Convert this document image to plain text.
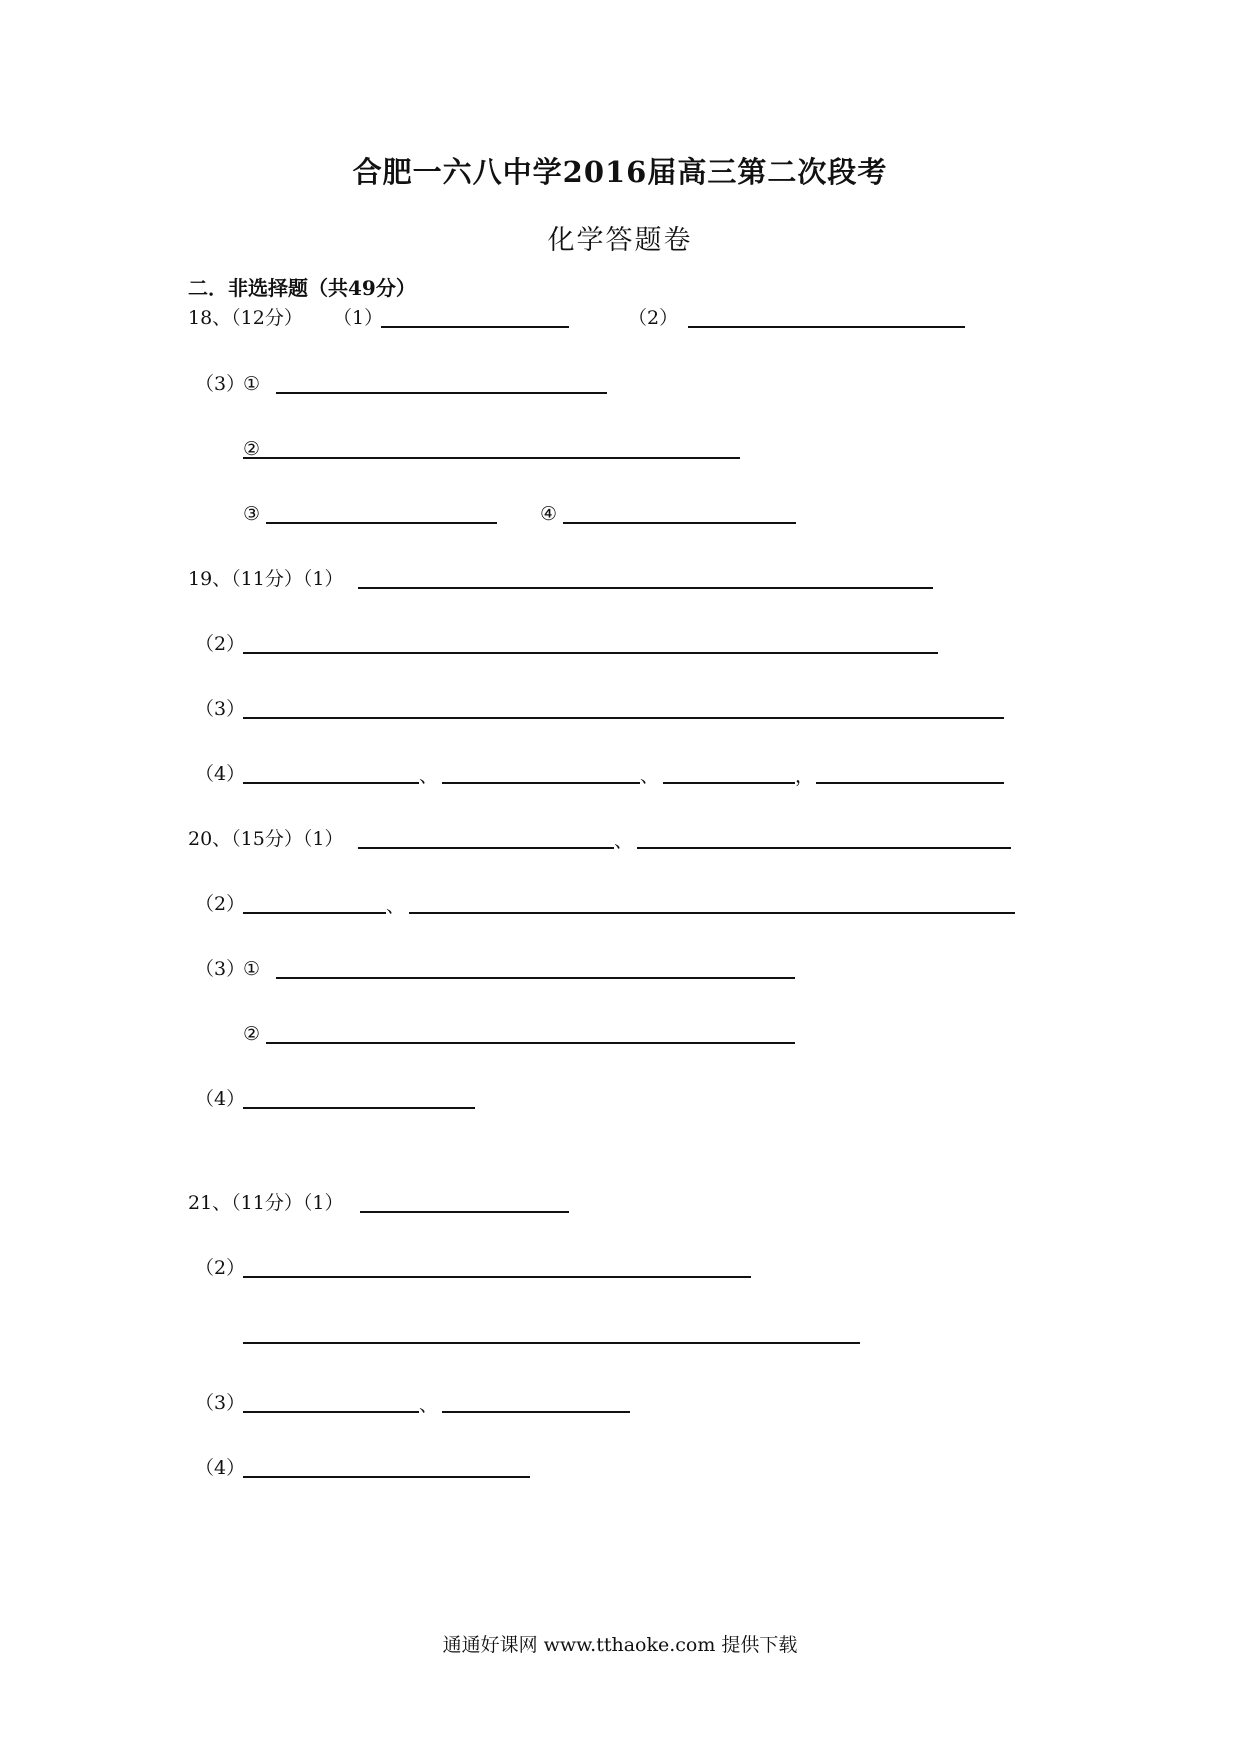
合肥一六八中学2016届高三第二次段考
化学答题卷
二．非选择题（共49分）
18、（12分） （1）	（2）
（3）
①
②
③	④
19、（11分）（1）
（2）
（3）
（4）	、	、	，
20、（15分）（1）	、
（2）	、
（3）
①
②
（4）
21、（11分）（1）
（2）
（3）	、
（4）
通通好课网 www.tthaoke.com 提供下载
